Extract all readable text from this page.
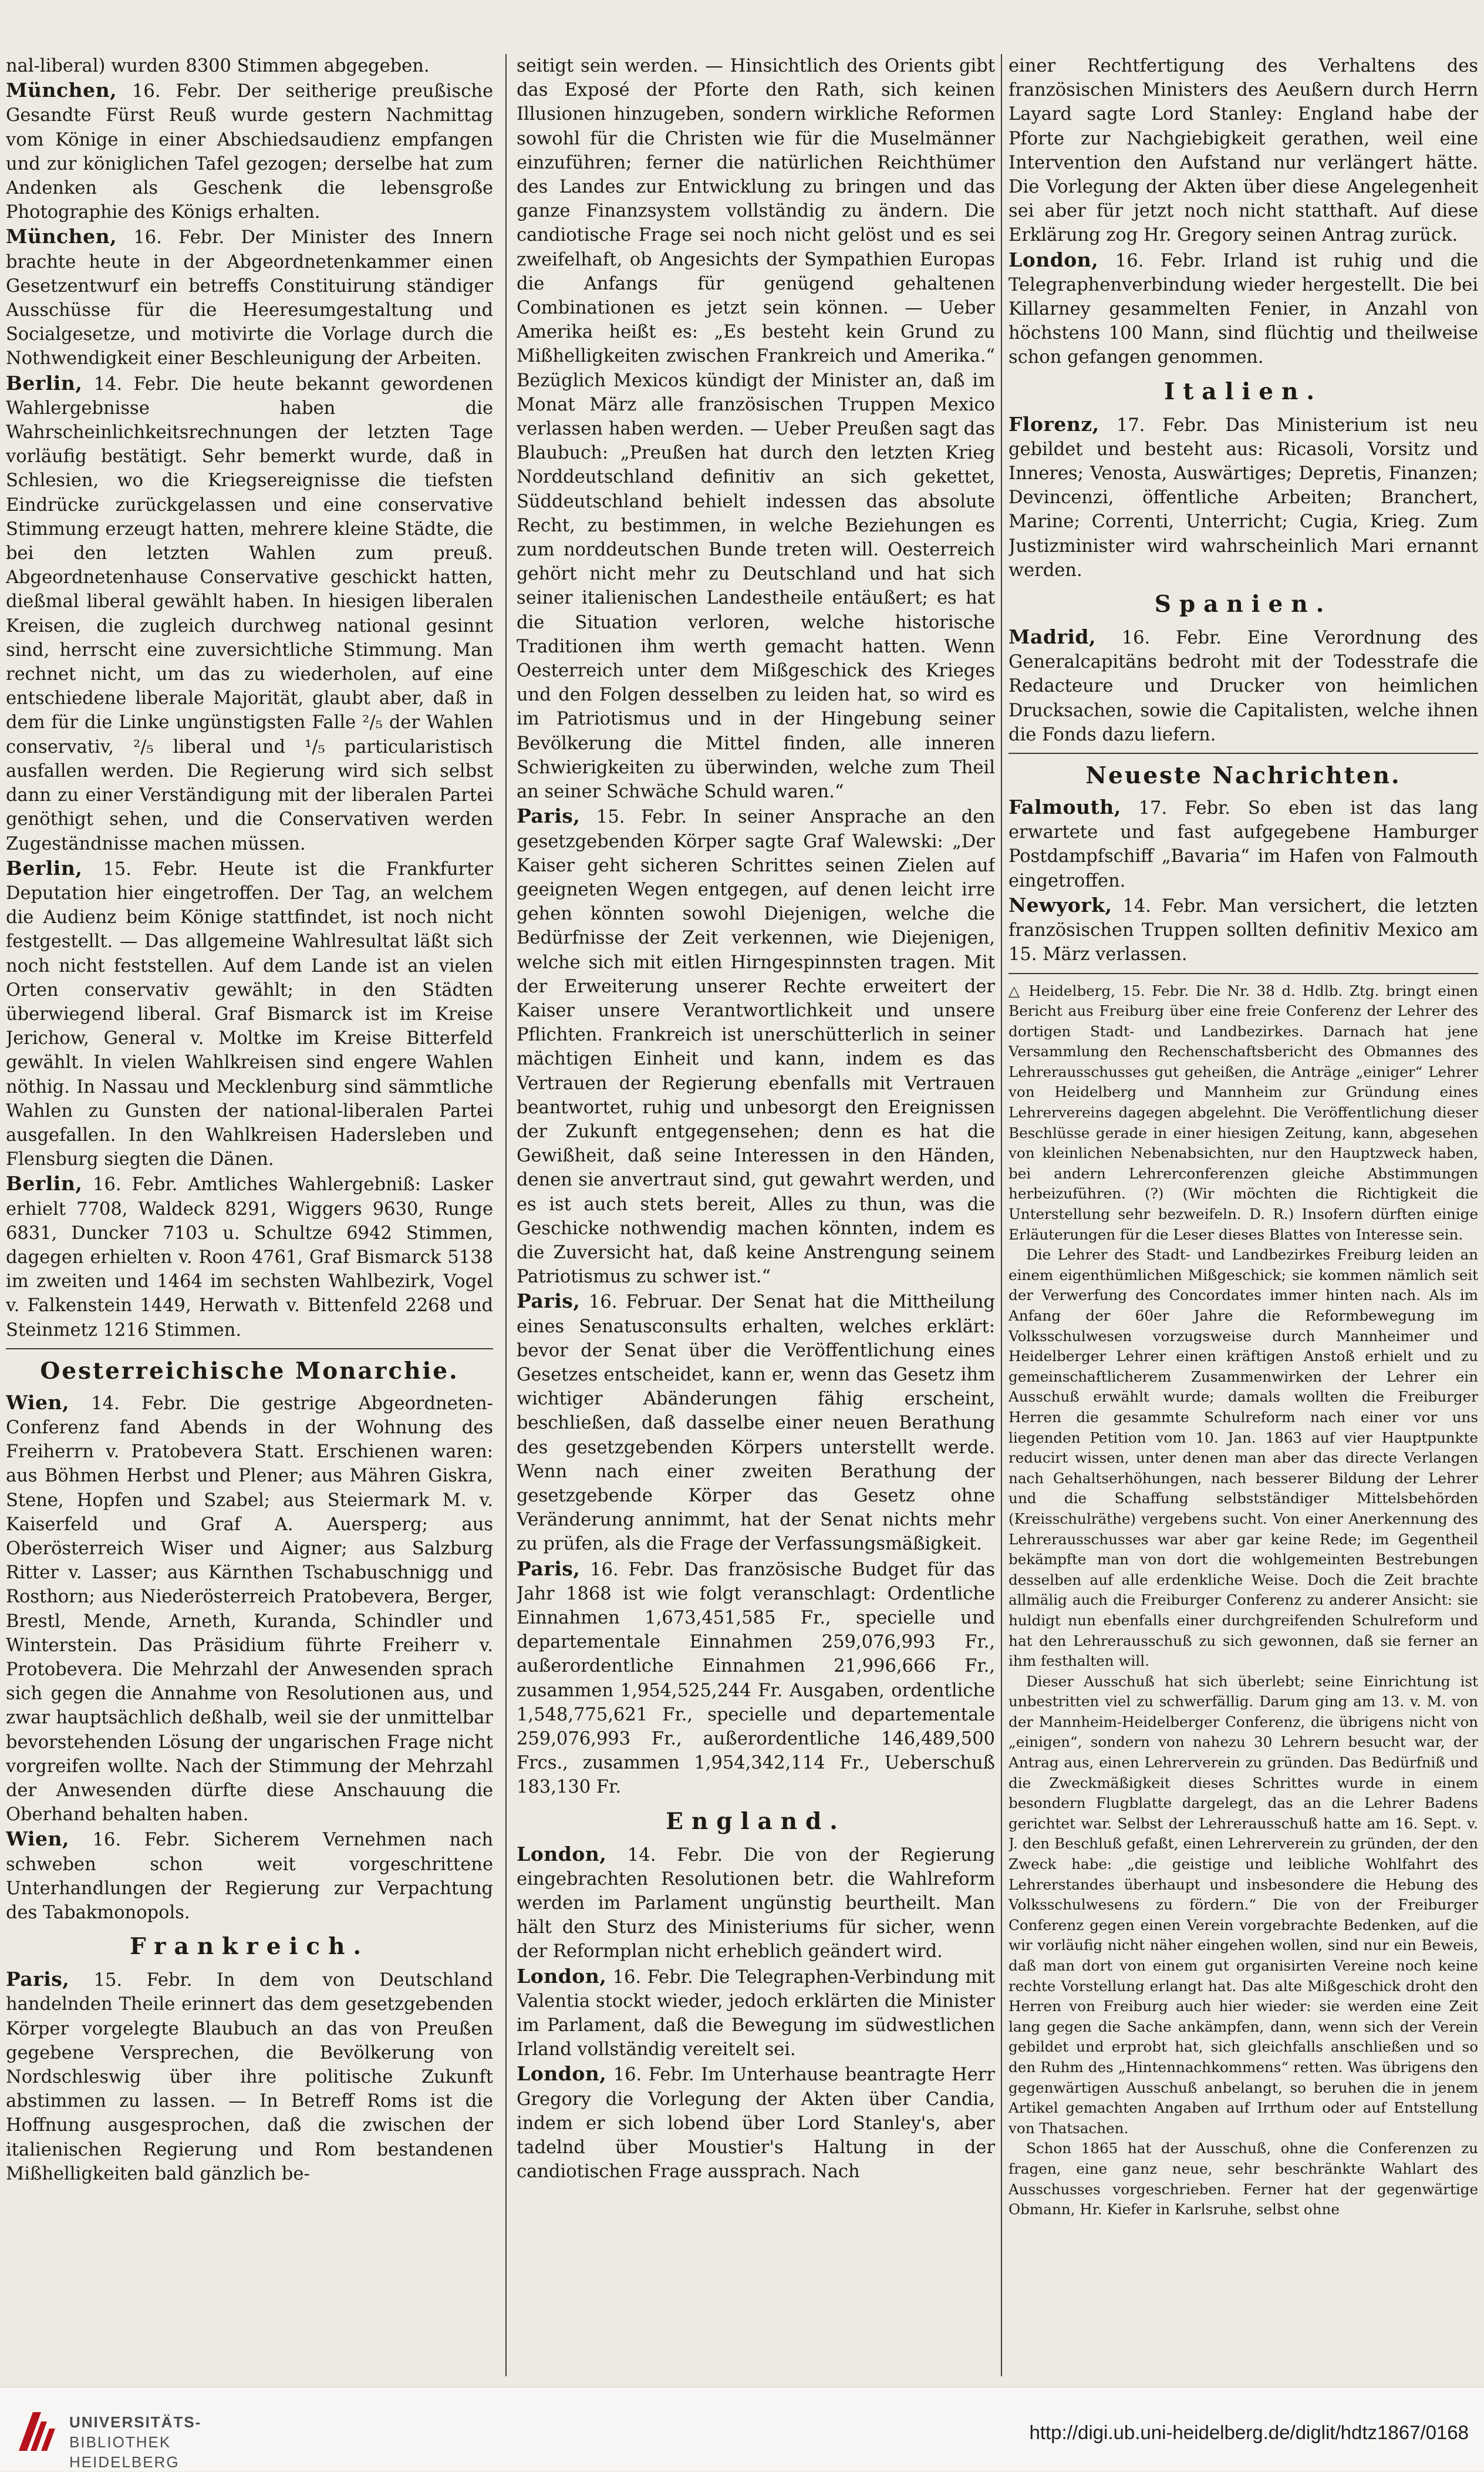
nal-liberal) wurden 8300 Stimmen abgegeben.

München, 16. Febr. Der seitherige preußische Gesandte Fürst Reuß wurde gestern Nachmittag vom Könige in einer Abschiedsaudienz empfangen und zur königlichen Tafel gezogen; derselbe hat zum Andenken als Geschenk die lebensgroße Photographie des Königs erhalten.

München, 16. Febr. Der Minister des Innern brachte heute in der Abgeordnetenkammer einen Gesetzentwurf ein betreffs Constituirung ständiger Ausschüsse für die Heeresumgestaltung und Socialgesetze, und motivirte die Vorlage durch die Nothwendigkeit einer Beschleunigung der Arbeiten.

Berlin, 14. Febr. Die heute bekannt gewordenen Wahlergebnisse haben die Wahrscheinlichkeitsrechnungen der letzten Tage vorläufig bestätigt. Sehr bemerkt wurde, daß in Schlesien, wo die Kriegsereignisse die tiefsten Eindrücke zurückgelassen und eine conservative Stimmung erzeugt hatten, mehrere kleine Städte, die bei den letzten Wahlen zum preuß. Abgeordnetenhause Conservative geschickt hatten, dießmal liberal gewählt haben. In hiesigen liberalen Kreisen, die zugleich durchweg national gesinnt sind, herrscht eine zuversichtliche Stimmung. Man rechnet nicht, um das zu wiederholen, auf eine entschiedene liberale Majorität, glaubt aber, daß in dem für die Linke ungünstigsten Falle ²/₅ der Wahlen conservativ, ²/₅ liberal und ¹/₅ particularistisch ausfallen werden. Die Regierung wird sich selbst dann zu einer Verständigung mit der liberalen Partei genöthigt sehen, und die Conservativen werden Zugeständnisse machen müssen.

Berlin, 15. Febr. Heute ist die Frankfurter Deputation hier eingetroffen. Der Tag, an welchem die Audienz beim Könige stattfindet, ist noch nicht festgestellt. — Das allgemeine Wahlresultat läßt sich noch nicht feststellen. Auf dem Lande ist an vielen Orten conservativ gewählt; in den Städten überwiegend liberal. Graf Bismarck ist im Kreise Jerichow, General v. Moltke im Kreise Bitterfeld gewählt. In vielen Wahlkreisen sind engere Wahlen nöthig. In Nassau und Mecklenburg sind sämmtliche Wahlen zu Gunsten der national-liberalen Partei ausgefallen. In den Wahlkreisen Hadersleben und Flensburg siegten die Dänen.

Berlin, 16. Febr. Amtliches Wahlergebniß: Lasker erhielt 7708, Waldeck 8291, Wiggers 9630, Runge 6831, Duncker 7103 u. Schultze 6942 Stimmen, dagegen erhielten v. Roon 4761, Graf Bismarck 5138 im zweiten und 1464 im sechsten Wahlbezirk, Vogel v. Falkenstein 1449, Herwath v. Bittenfeld 2268 und Steinmetz 1216 Stimmen.

Oesterreichische Monarchie.

Wien, 14. Febr. Die gestrige Abgeordneten-Conferenz fand Abends in der Wohnung des Freiherrn v. Pratobevera Statt. Erschienen waren: aus Böhmen Herbst und Plener; aus Mähren Giskra, Stene, Hopfen und Szabel; aus Steiermark M. v. Kaiserfeld und Graf A. Auersperg; aus Oberösterreich Wiser und Aigner; aus Salzburg Ritter v. Lasser; aus Kärnthen Tschabuschnigg und Rosthorn; aus Niederösterreich Pratobevera, Berger, Brestl, Mende, Arneth, Kuranda, Schindler und Winterstein. Das Präsidium führte Freiherr v. Protobevera. Die Mehrzahl der Anwesenden sprach sich gegen die Annahme von Resolutionen aus, und zwar hauptsächlich deßhalb, weil sie der unmittelbar bevorstehenden Lösung der ungarischen Frage nicht vorgreifen wollte. Nach der Stimmung der Mehrzahl der Anwesenden dürfte diese Anschauung die Oberhand behalten haben.

Wien, 16. Febr. Sicherem Vernehmen nach schweben schon weit vorgeschrittene Unterhandlungen der Regierung zur Verpachtung des Tabakmonopols.

Frankreich.

Paris, 15. Febr. In dem von Deutschland handelnden Theile erinnert das dem gesetzgebenden Körper vorgelegte Blaubuch an das von Preußen gegebene Versprechen, die Bevölkerung von Nordschleswig über ihre politische Zukunft abstimmen zu lassen. — In Betreff Roms ist die Hoffnung ausgesprochen, daß die zwischen der italienischen Regierung und Rom bestandenen Mißhelligkeiten bald gänzlich be-

seitigt sein werden. — Hinsichtlich des Orients gibt das Exposé der Pforte den Rath, sich keinen Illusionen hinzugeben, sondern wirkliche Reformen sowohl für die Christen wie für die Muselmänner einzuführen; ferner die natürlichen Reichthümer des Landes zur Entwicklung zu bringen und das ganze Finanzsystem vollständig zu ändern. Die candiotische Frage sei noch nicht gelöst und es sei zweifelhaft, ob Angesichts der Sympathien Europas die Anfangs für genügend gehaltenen Combinationen es jetzt sein können. — Ueber Amerika heißt es: „Es besteht kein Grund zu Mißhelligkeiten zwischen Frankreich und Amerika.“ Bezüglich Mexicos kündigt der Minister an, daß im Monat März alle französischen Truppen Mexico verlassen haben werden. — Ueber Preußen sagt das Blaubuch: „Preußen hat durch den letzten Krieg Norddeutschland definitiv an sich gekettet, Süddeutschland behielt indessen das absolute Recht, zu bestimmen, in welche Beziehungen es zum norddeutschen Bunde treten will. Oesterreich gehört nicht mehr zu Deutschland und hat sich seiner italienischen Landestheile entäußert; es hat die Situation verloren, welche historische Traditionen ihm werth gemacht hatten. Wenn Oesterreich unter dem Mißgeschick des Krieges und den Folgen desselben zu leiden hat, so wird es im Patriotismus und in der Hingebung seiner Bevölkerung die Mittel finden, alle inneren Schwierigkeiten zu überwinden, welche zum Theil an seiner Schwäche Schuld waren.“

Paris, 15. Febr. In seiner Ansprache an den gesetzgebenden Körper sagte Graf Walewski: „Der Kaiser geht sicheren Schrittes seinen Zielen auf geeigneten Wegen entgegen, auf denen leicht irre gehen könnten sowohl Diejenigen, welche die Bedürfnisse der Zeit verkennen, wie Diejenigen, welche sich mit eitlen Hirngespinnsten tragen. Mit der Erweiterung unserer Rechte erweitert der Kaiser unsere Verantwortlichkeit und unsere Pflichten. Frankreich ist unerschütterlich in seiner mächtigen Einheit und kann, indem es das Vertrauen der Regierung ebenfalls mit Vertrauen beantwortet, ruhig und unbesorgt den Ereignissen der Zukunft entgegensehen; denn es hat die Gewißheit, daß seine Interessen in den Händen, denen sie anvertraut sind, gut gewahrt werden, und es ist auch stets bereit, Alles zu thun, was die Geschicke nothwendig machen könnten, indem es die Zuversicht hat, daß keine Anstrengung seinem Patriotismus zu schwer ist.“

Paris, 16. Februar. Der Senat hat die Mittheilung eines Senatusconsults erhalten, welches erklärt: bevor der Senat über die Veröffentlichung eines Gesetzes entscheidet, kann er, wenn das Gesetz ihm wichtiger Abänderungen fähig erscheint, beschließen, daß dasselbe einer neuen Berathung des gesetzgebenden Körpers unterstellt werde. Wenn nach einer zweiten Berathung der gesetzgebende Körper das Gesetz ohne Veränderung annimmt, hat der Senat nichts mehr zu prüfen, als die Frage der Verfassungsmäßigkeit.

Paris, 16. Febr. Das französische Budget für das Jahr 1868 ist wie folgt veranschlagt: Ordentliche Einnahmen 1,673,451,585 Fr., specielle und departementale Einnahmen 259,076,993 Fr., außerordentliche Einnahmen 21,996,666 Fr., zusammen 1,954,525,244 Fr. Ausgaben, ordentliche 1,548,775,621 Fr., specielle und departementale 259,076,993 Fr., außerordentliche 146,489,500 Frcs., zusammen 1,954,342,114 Fr., Ueberschuß 183,130 Fr.

England.

London, 14. Febr. Die von der Regierung eingebrachten Resolutionen betr. die Wahlreform werden im Parlament ungünstig beurtheilt. Man hält den Sturz des Ministeriums für sicher, wenn der Reformplan nicht erheblich geändert wird.

London, 16. Febr. Die Telegraphen-Verbindung mit Valentia stockt wieder, jedoch erklärten die Minister im Parlament, daß die Bewegung im südwestlichen Irland vollständig vereitelt sei.

London, 16. Febr. Im Unterhause beantragte Herr Gregory die Vorlegung der Akten über Candia, indem er sich lobend über Lord Stanley's, aber tadelnd über Moustier's Haltung in der candiotischen Frage aussprach. Nach

einer Rechtfertigung des Verhaltens des französischen Ministers des Aeußern durch Herrn Layard sagte Lord Stanley: England habe der Pforte zur Nachgiebigkeit gerathen, weil eine Intervention den Aufstand nur verlängert hätte. Die Vorlegung der Akten über diese Angelegenheit sei aber für jetzt noch nicht statthaft. Auf diese Erklärung zog Hr. Gregory seinen Antrag zurück.

London, 16. Febr. Irland ist ruhig und die Telegraphenverbindung wieder hergestellt. Die bei Killarney gesammelten Fenier, in Anzahl von höchstens 100 Mann, sind flüchtig und theilweise schon gefangen genommen.

Italien.

Florenz, 17. Febr. Das Ministerium ist neu gebildet und besteht aus: Ricasoli, Vorsitz und Inneres; Venosta, Auswärtiges; Depretis, Finanzen; Devincenzi, öffentliche Arbeiten; Branchert, Marine; Correnti, Unterricht; Cugia, Krieg. Zum Justizminister wird wahrscheinlich Mari ernannt werden.

Spanien.

Madrid, 16. Febr. Eine Verordnung des Generalcapitäns bedroht mit der Todesstrafe die Redacteure und Drucker von heimlichen Drucksachen, sowie die Capitalisten, welche ihnen die Fonds dazu liefern.

Neueste Nachrichten.

Falmouth, 17. Febr. So eben ist das lang erwartete und fast aufgegebene Hamburger Postdampfschiff „Bavaria“ im Hafen von Falmouth eingetroffen.

Newyork, 14. Febr. Man versichert, die letzten französischen Truppen sollten definitiv Mexico am 15. März verlassen.

△ Heidelberg, 15. Febr. Die Nr. 38 d. Hdlb. Ztg. bringt einen Bericht aus Freiburg über eine freie Conferenz der Lehrer des dortigen Stadt- und Landbezirkes. Darnach hat jene Versammlung den Rechenschaftsbericht des Obmannes des Lehrerausschusses gut geheißen, die Anträge „einiger“ Lehrer von Heidelberg und Mannheim zur Gründung eines Lehrervereins dagegen abgelehnt. Die Veröffentlichung dieser Beschlüsse gerade in einer hiesigen Zeitung, kann, abgesehen von kleinlichen Nebenabsichten, nur den Hauptzweck haben, bei andern Lehrerconferenzen gleiche Abstimmungen herbeizuführen. (?) (Wir möchten die Richtigkeit die Unterstellung sehr bezweifeln. D. R.) Insofern dürften einige Erläuterungen für die Leser dieses Blattes von Interesse sein.

Die Lehrer des Stadt- und Landbezirkes Freiburg leiden an einem eigenthümlichen Mißgeschick; sie kommen nämlich seit der Verwerfung des Concordates immer hinten nach. Als im Anfang der 60er Jahre die Reformbewegung im Volksschulwesen vorzugsweise durch Mannheimer und Heidelberger Lehrer einen kräftigen Anstoß erhielt und zu gemeinschaftlicherem Zusammenwirken der Lehrer ein Ausschuß erwählt wurde; damals wollten die Freiburger Herren die gesammte Schulreform nach einer vor uns liegenden Petition vom 10. Jan. 1863 auf vier Hauptpunkte reducirt wissen, unter denen man aber das directe Verlangen nach Gehaltserhöhungen, nach besserer Bildung der Lehrer und die Schaffung selbstständiger Mittelsbehörden (Kreisschulräthe) vergebens sucht. Von einer Anerkennung des Lehrerausschusses war aber gar keine Rede; im Gegentheil bekämpfte man von dort die wohlgemeinten Bestrebungen desselben auf alle erdenkliche Weise. Doch die Zeit brachte allmälig auch die Freiburger Conferenz zu anderer Ansicht: sie huldigt nun ebenfalls einer durchgreifenden Schulreform und hat den Lehrerausschuß zu sich gewonnen, daß sie ferner an ihm festhalten will.

Dieser Ausschuß hat sich überlebt; seine Einrichtung ist unbestritten viel zu schwerfällig. Darum ging am 13. v. M. von der Mannheim-Heidelberger Conferenz, die übrigens nicht von „einigen“, sondern von nahezu 30 Lehrern besucht war, der Antrag aus, einen Lehrerverein zu gründen. Das Bedürfniß und die Zweckmäßigkeit dieses Schrittes wurde in einem besondern Flugblatte dargelegt, das an die Lehrer Badens gerichtet war. Selbst der Lehrerausschuß hatte am 16. Sept. v. J. den Beschluß gefaßt, einen Lehrerverein zu gründen, der den Zweck habe: „die geistige und leibliche Wohlfahrt des Lehrerstandes überhaupt und insbesondere die Hebung des Volksschulwesens zu fördern.“ Die von der Freiburger Conferenz gegen einen Verein vorgebrachte Bedenken, auf die wir vorläufig nicht näher eingehen wollen, sind nur ein Beweis, daß man dort von einem gut organisirten Vereine noch keine rechte Vorstellung erlangt hat. Das alte Mißgeschick droht den Herren von Freiburg auch hier wieder: sie werden eine Zeit lang gegen die Sache ankämpfen, dann, wenn sich der Verein gebildet und erprobt hat, sich gleichfalls anschließen und so den Ruhm des „Hintennachkommens“ retten. Was übrigens den gegenwärtigen Ausschuß anbelangt, so beruhen die in jenem Artikel gemachten Angaben auf Irrthum oder auf Entstellung von Thatsachen.

Schon 1865 hat der Ausschuß, ohne die Conferenzen zu fragen, eine ganz neue, sehr beschränkte Wahlart des Ausschusses vorgeschrieben. Ferner hat der gegenwärtige Obmann, Hr. Kiefer in Karlsruhe, selbst ohne

UNIVERSITÄTS-
BIBLIOTHEK
HEIDELBERG
http://digi.ub.uni-heidelberg.de/diglit/hdtz1867/0168
